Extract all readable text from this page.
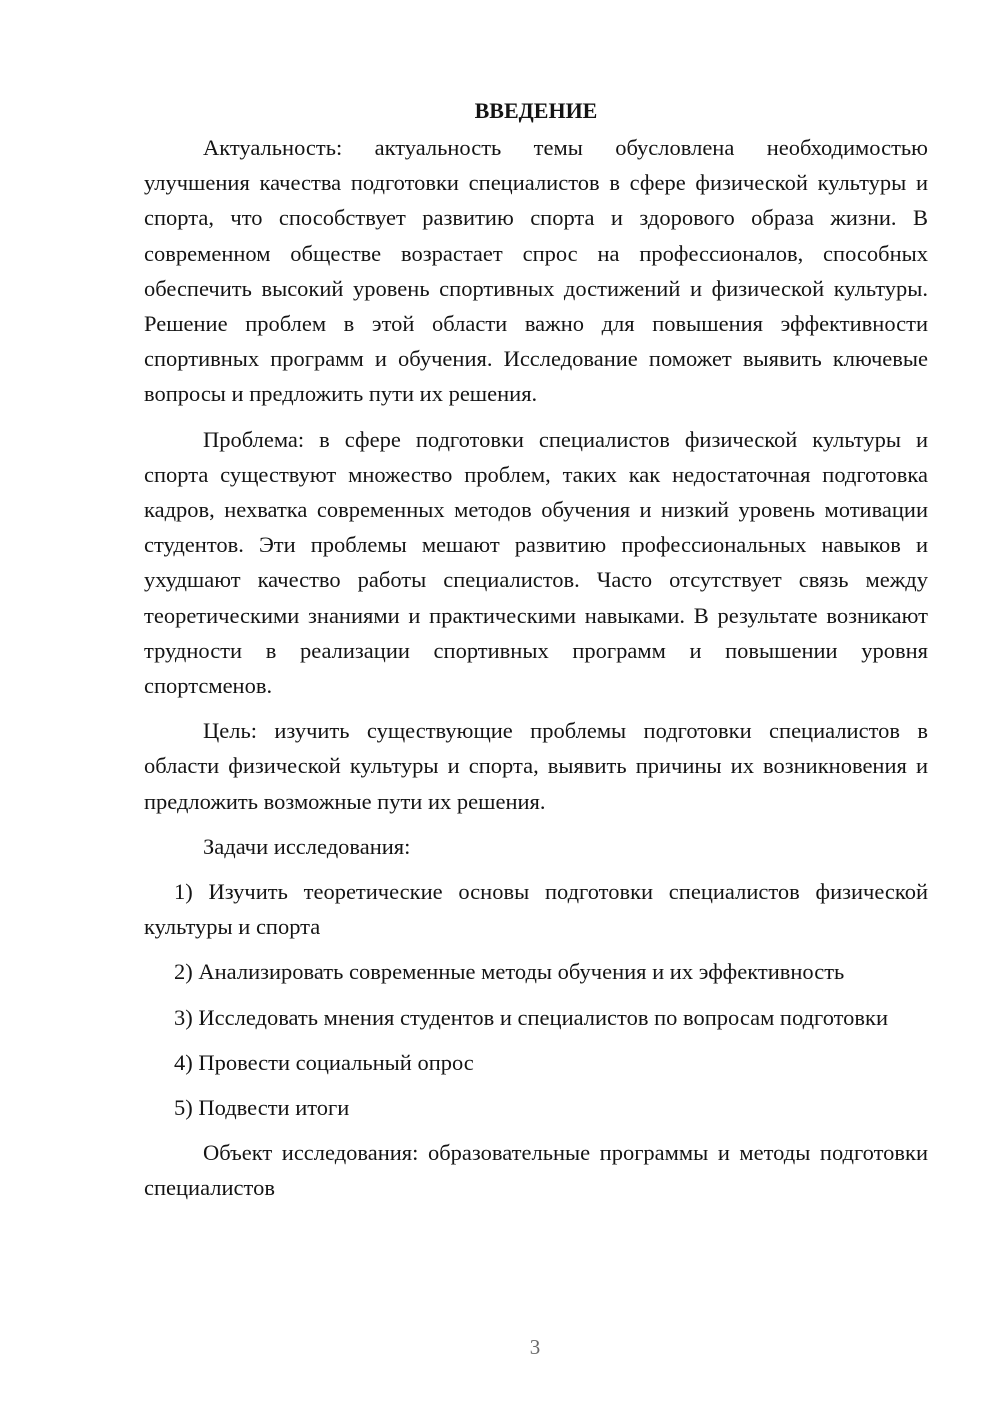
ВВЕДЕНИЕ

Актуальность: актуальность темы обусловлена необходимостью улучшения качества подготовки специалистов в сфере физической культуры и спорта, что способствует развитию спорта и здорового образа жизни. В современном обществе возрастает спрос на профессионалов, способных обеспечить высокий уровень спортивных достижений и физической культуры. Решение проблем в этой области важно для повышения эффективности спортивных программ и обучения. Исследование поможет выявить ключевые вопросы и предложить пути их решения.

Проблема: в сфере подготовки специалистов физической культуры и спорта существуют множество проблем, таких как недостаточная подготовка кадров, нехватка современных методов обучения и низкий уровень мотивации студентов. Эти проблемы мешают развитию профессиональных навыков и ухудшают качество работы специалистов. Часто отсутствует связь между теоретическими знаниями и практическими навыками. В результате возникают трудности в реализации спортивных программ и повышении уровня спортсменов.

Цель: изучить существующие проблемы подготовки специалистов в области физической культуры и спорта, выявить причины их возникновения и предложить возможные пути их решения.

Задачи исследования:

1) Изучить теоретические основы подготовки специалистов физической культуры и спорта

2) Анализировать современные методы обучения и их эффективность

3) Исследовать мнения студентов и специалистов по вопросам подготовки

4) Провести социальный опрос

5) Подвести итоги

Объект исследования: образовательные программы и методы подготовки специалистов

3
